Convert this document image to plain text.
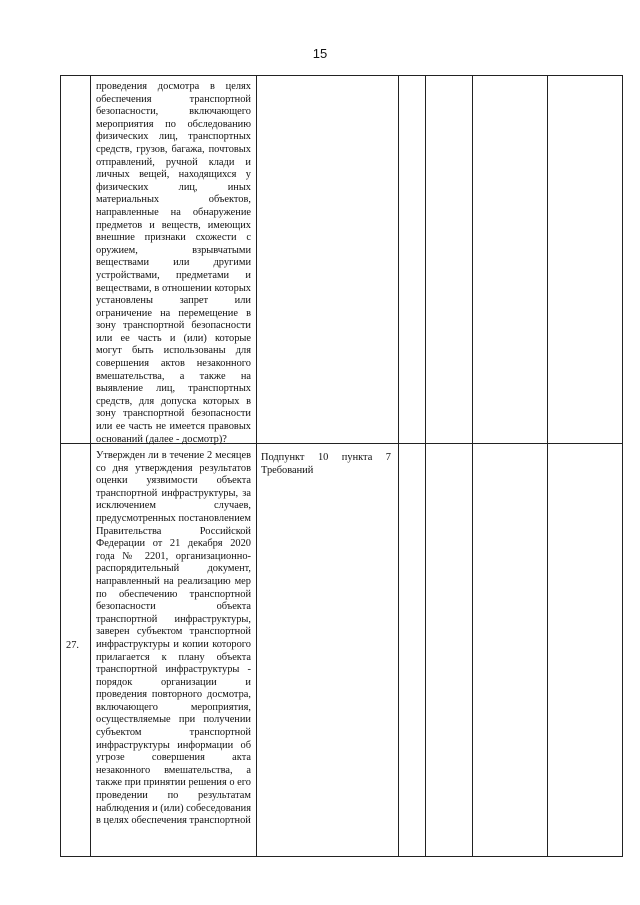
15

проведения досмотра в целях обеспечения транспортной безопасности, включающего мероприятия по обследованию физических лиц, транспортных средств, грузов, багажа, почтовых отправлений, ручной клади и личных вещей, находящихся у физических лиц, иных материальных объектов, направленные на обнаружение предметов и веществ, имеющих внешние признаки схожести с оружием, взрывчатыми веществами или другими устройствами, предметами и веществами, в отношении которых установлены запрет или ограничение на перемещение в зону транспортной безопасности или ее часть и (или) которые могут быть использованы для совершения актов незаконного вмешательства, а также на выявление лиц, транспортных средств, для допуска которых в зону транспортной безопасности или ее часть не имеется правовых оснований (далее - досмотр)?

27.

Утвержден ли в течение 2 месяцев со дня утверждения результатов оценки уязвимости объекта транспортной инфраструктуры, за исключением случаев, предусмотренных постановлением Правительства Российской Федерации от 21 декабря 2020 года № 2201, организационно-распорядительный документ, направленный на реализацию мер по обеспечению транспортной безопасности объекта транспортной инфраструктуры, заверен субъектом транспортной инфраструктуры и копии которого прилагается к плану объекта транспортной инфраструктуры - порядок организации и проведения повторного досмотра, включающего мероприятия, осуществляемые при получении субъектом транспортной инфраструктуры информации об угрозе совершения акта незаконного вмешательства, а также при принятии решения о его проведении по результатам наблюдения и (или) собеседования в целях обеспечения транспортной

Подпункт 10 пункта 7 Требований
